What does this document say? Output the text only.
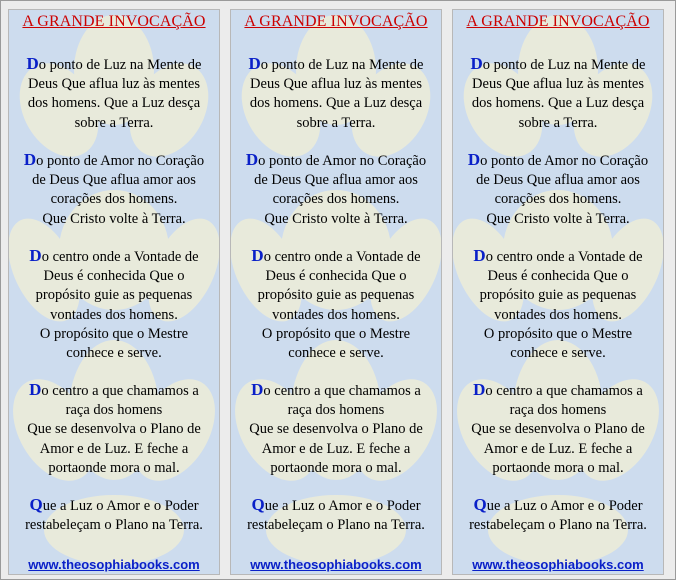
A GRANDE INVOCAÇÃO
Do ponto de Luz na Mente de
Deus Que aflua luz às mentes
dos homens. Que a Luz desça
sobre a Terra.
Do ponto de Amor no Coração
de Deus Que aflua amor aos
corações dos homens.
Que Cristo volte à Terra.
Do centro onde a Vontade de
Deus é conhecida Que o
propósito guie as pequenas
vontades dos homens.
O propósito que o Mestre
conhece e serve.
Do centro a que chamamos a
raça dos homens
Que se desenvolva o Plano de
Amor e de Luz. E feche a
portaonde mora o mal.
Que a Luz o Amor e o Poder
restabeleçam o Plano na Terra.
www.theosophiabooks.com
A GRANDE INVOCAÇÃO
Do ponto de Luz na Mente de
Deus Que aflua luz às mentes
dos homens. Que a Luz desça
sobre a Terra.
Do ponto de Amor no Coração
de Deus Que aflua amor aos
corações dos homens.
Que Cristo volte à Terra.
Do centro onde a Vontade de
Deus é conhecida Que o
propósito guie as pequenas
vontades dos homens.
O propósito que o Mestre
conhece e serve.
Do centro a que chamamos a
raça dos homens
Que se desenvolva o Plano de
Amor e de Luz. E feche a
portaonde mora o mal.
Que a Luz o Amor e o Poder
restabeleçam o Plano na Terra.
www.theosophiabooks.com
A GRANDE INVOCAÇÃO
Do ponto de Luz na Mente de
Deus Que aflua luz às mentes
dos homens. Que a Luz desça
sobre a Terra.
Do ponto de Amor no Coração
de Deus Que aflua amor aos
corações dos homens.
Que Cristo volte à Terra.
Do centro onde a Vontade de
Deus é conhecida Que o
propósito guie as pequenas
vontades dos homens.
O propósito que o Mestre
conhece e serve.
Do centro a que chamamos a
raça dos homens
Que se desenvolva o Plano de
Amor e de Luz. E feche a
portaonde mora o mal.
Que a Luz o Amor e o Poder
restabeleçam o Plano na Terra.
www.theosophiabooks.com
